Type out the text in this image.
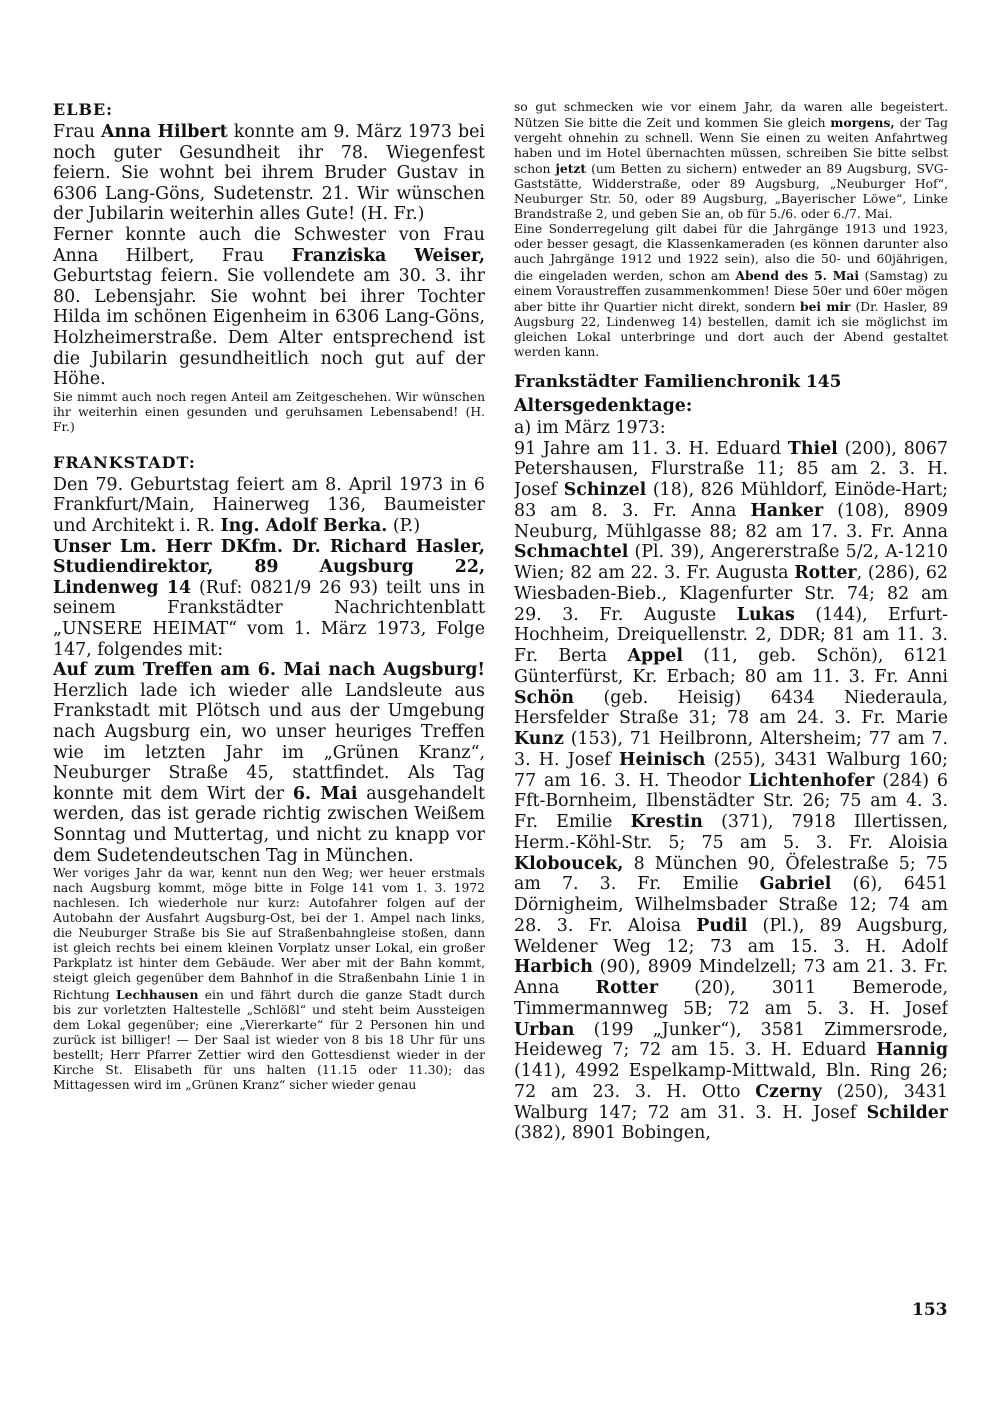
ELBE:

Frau Anna Hilbert konnte am 9. März 1973 bei noch guter Gesundheit ihr 78. Wiegenfest feiern. Sie wohnt bei ihrem Bruder Gustav in 6306 Lang-Göns, Sudetenstr. 21. Wir wünschen der Jubilarin weiterhin alles Gute! (H. Fr.)

Ferner konnte auch die Schwester von Frau Anna Hilbert, Frau Franziska Weiser, Geburtstag feiern. Sie vollendete am 30. 3. ihr 80. Lebensjahr. Sie wohnt bei ihrer Tochter Hilda im schönen Eigenheim in 6306 Lang-Göns, Holzheimerstraße. Dem Alter entsprechend ist die Jubilarin gesundheitlich noch gut auf der Höhe.

Sie nimmt auch noch regen Anteil am Zeitgeschehen. Wir wünschen ihr weiterhin einen gesunden und geruhsamen Lebensabend! (H. Fr.)

FRANKSTADT:

Den 79. Geburtstag feiert am 8. April 1973 in 6 Frankfurt/Main, Hainerweg 136, Baumeister und Architekt i. R. Ing. Adolf Berka. (P.)

Unser Lm. Herr DKfm. Dr. Richard Hasler, Studiendirektor, 89 Augsburg 22, Lindenweg 14 (Ruf: 0821/9 26 93) teilt uns in seinem Frankstädter Nachrichtenblatt „UNSERE HEIMAT“ vom 1. März 1973, Folge 147, folgendes mit:

Auf zum Treffen am 6. Mai nach Augsburg! Herzlich lade ich wieder alle Landsleute aus Frankstadt mit Plötsch und aus der Umgebung nach Augsburg ein, wo unser heuriges Treffen wie im letzten Jahr im „Grünen Kranz“, Neuburger Straße 45, stattfindet. Als Tag konnte mit dem Wirt der 6. Mai ausgehandelt werden, das ist gerade richtig zwischen Weißem Sonntag und Muttertag, und nicht zu knapp vor dem Sudetendeutschen Tag in München.

Wer voriges Jahr da war, kennt nun den Weg; wer heuer erstmals nach Augsburg kommt, möge bitte in Folge 141 vom 1. 3. 1972 nachlesen. Ich wiederhole nur kurz: Autofahrer folgen auf der Autobahn der Ausfahrt Augsburg-Ost, bei der 1. Ampel nach links, die Neuburger Straße bis Sie auf Straßenbahngleise stoßen, dann ist gleich rechts bei einem kleinen Vorplatz unser Lokal, ein großer Parkplatz ist hinter dem Gebäude. Wer aber mit der Bahn kommt, steigt gleich gegenüber dem Bahnhof in die Straßenbahn Linie 1 in Richtung Lechhausen ein und fährt durch die ganze Stadt durch bis zur vorletzten Haltestelle „Schlößl“ und steht beim Aussteigen dem Lokal gegenüber; eine „Viererkarte“ für 2 Personen hin und zurück ist billiger! — Der Saal ist wieder von 8 bis 18 Uhr für uns bestellt; Herr Pfarrer Zettier wird den Gottesdienst wieder in der Kirche St. Elisabeth für uns halten (11.15 oder 11.30); das Mittagessen wird im „Grünen Kranz“ sicher wieder genau

so gut schmecken wie vor einem Jahr, da waren alle begeistert. Nützen Sie bitte die Zeit und kommen Sie gleich morgens, der Tag vergeht ohnehin zu schnell. Wenn Sie einen zu weiten Anfahrtweg haben und im Hotel übernachten müssen, schreiben Sie bitte selbst schon jetzt (um Betten zu sichern) entweder an 89 Augsburg, SVG-Gaststätte, Widderstraße, oder 89 Augsburg, „Neuburger Hof“, Neuburger Str. 50, oder 89 Augsburg, „Bayerischer Löwe“, Linke Brandstraße 2, und geben Sie an, ob für 5./6. oder 6./7. Mai.

Eine Sonderregelung gilt dabei für die Jahrgänge 1913 und 1923, oder besser gesagt, die Klassenkameraden (es können darunter also auch Jahrgänge 1912 und 1922 sein), also die 50- und 60jährigen, die eingeladen werden, schon am Abend des 5. Mai (Samstag) zu einem Voraustreffen zusammenkommen! Diese 50er und 60er mögen aber bitte ihr Quartier nicht direkt, sondern bei mir (Dr. Hasler, 89 Augsburg 22, Lindenweg 14) bestellen, damit ich sie möglichst im gleichen Lokal unterbringe und dort auch der Abend gestaltet werden kann.

Frankstädter Familienchronik 145

Altersgedenktage:

a) im März 1973:

91 Jahre am 11. 3. H. Eduard Thiel (200), 8067 Petershausen, Flurstraße 11; 85 am 2. 3. H. Josef Schinzel (18), 826 Mühldorf, Einöde-Hart; 83 am 8. 3. Fr. Anna Hanker (108), 8909 Neuburg, Mühlgasse 88; 82 am 17. 3. Fr. Anna Schmachtel (Pl. 39), Angererstraße 5/2, A-1210 Wien; 82 am 22. 3. Fr. Augusta Rotter, (286), 62 Wiesbaden-Bieb., Klagenfurter Str. 74; 82 am 29. 3. Fr. Auguste Lukas (144), Erfurt-Hochheim, Dreiquellenstr. 2, DDR; 81 am 11. 3. Fr. Berta Appel (11, geb. Schön), 6121 Günterfürst, Kr. Erbach; 80 am 11. 3. Fr. Anni Schön (geb. Heisig) 6434 Niederaula, Hersfelder Straße 31; 78 am 24. 3. Fr. Marie Kunz (153), 71 Heilbronn, Altersheim; 77 am 7. 3. H. Josef Heinisch (255), 3431 Walburg 160; 77 am 16. 3. H. Theodor Lichtenhofer (284) 6 Fft-Bornheim, Ilbenstädter Str. 26; 75 am 4. 3. Fr. Emilie Krestin (371), 7918 Illertissen, Herm.-Köhl-Str. 5; 75 am 5. 3. Fr. Aloisia Kloboucek, 8 München 90, Öfelestraße 5; 75 am 7. 3. Fr. Emilie Gabriel (6), 6451 Dörnigheim, Wilhelmsbader Straße 12; 74 am 28. 3. Fr. Aloisa Pudil (Pl.), 89 Augsburg, Weldener Weg 12; 73 am 15. 3. H. Adolf Harbich (90), 8909 Mindelzell; 73 am 21. 3. Fr. Anna Rotter (20), 3011 Bemerode, Timmermannweg 5B; 72 am 5. 3. H. Josef Urban (199 „Junker“), 3581 Zimmersrode, Heideweg 7; 72 am 15. 3. H. Eduard Hannig (141), 4992 Espelkamp-Mittwald, Bln. Ring 26; 72 am 23. 3. H. Otto Czerny (250), 3431 Walburg 147; 72 am 31. 3. H. Josef Schilder (382), 8901 Bobingen,

153
